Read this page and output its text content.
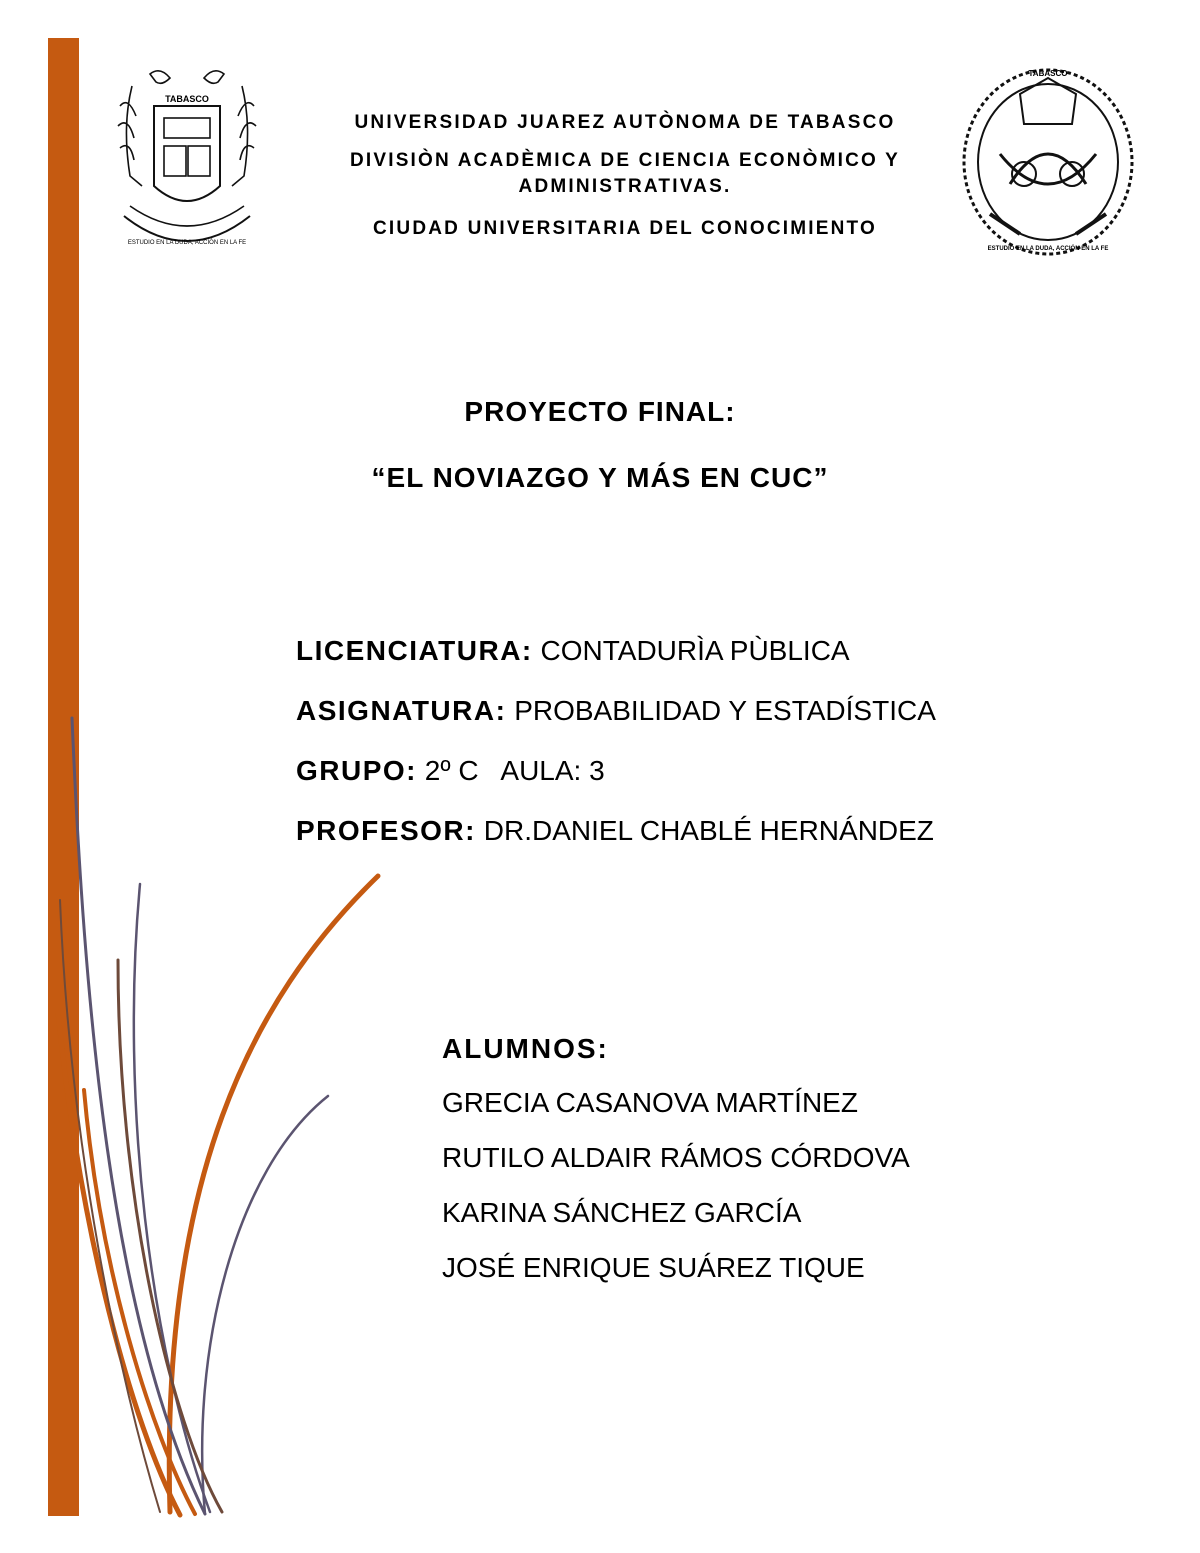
TABASCO
ESTUDIO EN LA DUDA, ACCIÓN EN LA FE
TABASCO
ESTUDIO EN LA DUDA, ACCIÓN EN LA FE
UNIVERSIDAD JUAREZ AUTÒNOMA DE TABASCO
DIVISIÒN ACADÈMICA DE CIENCIA ECONÒMICO Y
ADMINISTRATIVAS.
CIUDAD UNIVERSITARIA DEL CONOCIMIENTO
PROYECTO FINAL:
“EL NOVIAZGO Y MÁS EN CUC”
LICENCIATURA: CONTADURÌA PÙBLICA
ASIGNATURA: PROBABILIDAD Y ESTADÍSTICA
GRUPO: 2º C AULA: 3
PROFESOR: DR.DANIEL CHABLÉ HERNÁNDEZ
ALUMNOS:
GRECIA CASANOVA MARTÍNEZ
RUTILO ALDAIR RÁMOS CÓRDOVA
KARINA SÁNCHEZ GARCÍA
JOSÉ ENRIQUE SUÁREZ TIQUE
